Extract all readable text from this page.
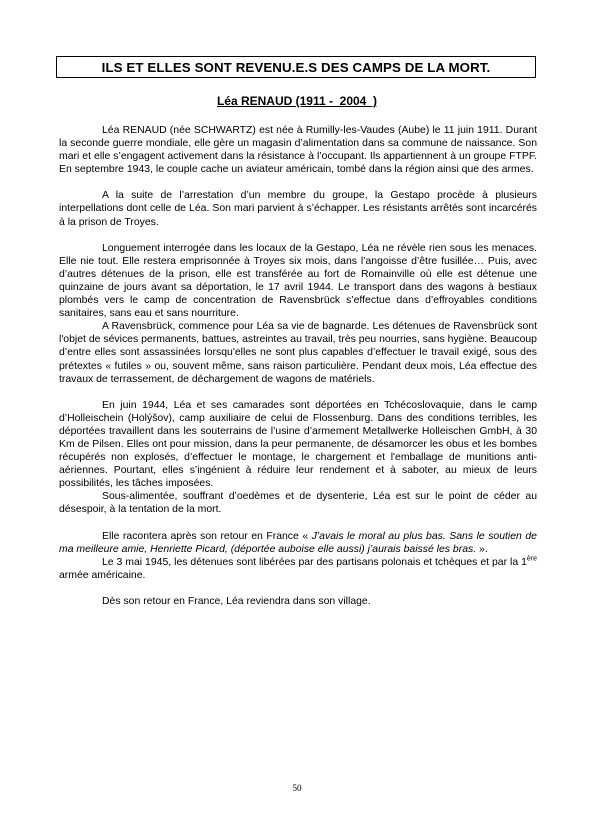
ILS ET ELLES SONT REVENU.E.S DES CAMPS DE LA MORT.
Léa RENAUD (1911 -  2004  )

Léa RENAUD (née SCHWARTZ) est née à Rumilly-les-Vaudes (Aube) le 11 juin 1911. Durant la seconde guerre mondiale, elle gère un magasin d’alimentation dans sa commune de naissance. Son mari et elle s’engagent activement dans la résistance à l’occupant. Ils appartiennent à un groupe FTPF. En septembre 1943, le couple cache un aviateur américain, tombé dans la région ainsi que des armes.

A la suite de l’arrestation d’un membre du groupe, la Gestapo procède à plusieurs interpellations dont celle de Léa. Son mari parvient à s’échapper. Les résistants arrêtés sont incarcérés à la prison de Troyes.

Longuement interrogée dans les locaux de la Gestapo, Léa ne révèle rien sous les menaces. Elle nie tout. Elle restera emprisonnée à Troyes six mois, dans l’angoisse d’être fusillée… Puis, avec d’autres détenues de la prison, elle est transférée au fort de Romainville où elle est détenue une quinzaine de jours avant sa déportation, le 17 avril 1944. Le transport dans des wagons à bestiaux plombés vers le camp de concentration de Ravensbrück s’effectue dans d’effroyables conditions sanitaires, sans eau et sans nourriture.

A Ravensbrück, commence pour Léa sa vie de bagnarde. Les détenues de Ravensbrück sont l'objet de sévices permanents, battues, astreintes au travail, très peu nourries, sans hygiène. Beaucoup d’entre elles sont assassinées lorsqu'elles ne sont plus capables d’effectuer le travail exigé, sous des prétextes « futiles » ou, souvent même, sans raison particulière. Pendant deux mois, Léa effectue des travaux de terrassement, de déchargement de wagons de matériels.

En juin 1944, Léa et ses camarades sont déportées en Tchécoslovaquie, dans le camp d’Holleischein (Holýšov), camp auxiliaire de celui de Flossenburg. Dans des conditions terribles, les déportées travaillent dans les souterrains de l’usine d’armement Metallwerke Holleischen GmbH, à 30 Km de Pilsen. Elles ont pour mission, dans la peur permanente, de désamorcer les obus et les bombes récupérés non explosés, d’effectuer le montage, le chargement et l'emballage de munitions anti-aériennes. Pourtant, elles s’ingénient à réduire leur rendement et à saboter, au mieux de leurs possibilités, les tâches imposées.

Sous-alimentée, souffrant d’oedèmes et de dysenterie, Léa est sur le point de céder au désespoir, à la tentation de la mort.

Elle racontera après son retour en France « J’avais le moral au plus bas. Sans le soutien de ma meilleure amie, Henriette Picard, (déportée auboise elle aussi) j’aurais baissé les bras. ».

Le 3 mai 1945, les détenues sont libérées par des partisans polonais et tchèques et par la 1ère armée américaine.

Dès son retour en France, Léa reviendra dans son village.

50
